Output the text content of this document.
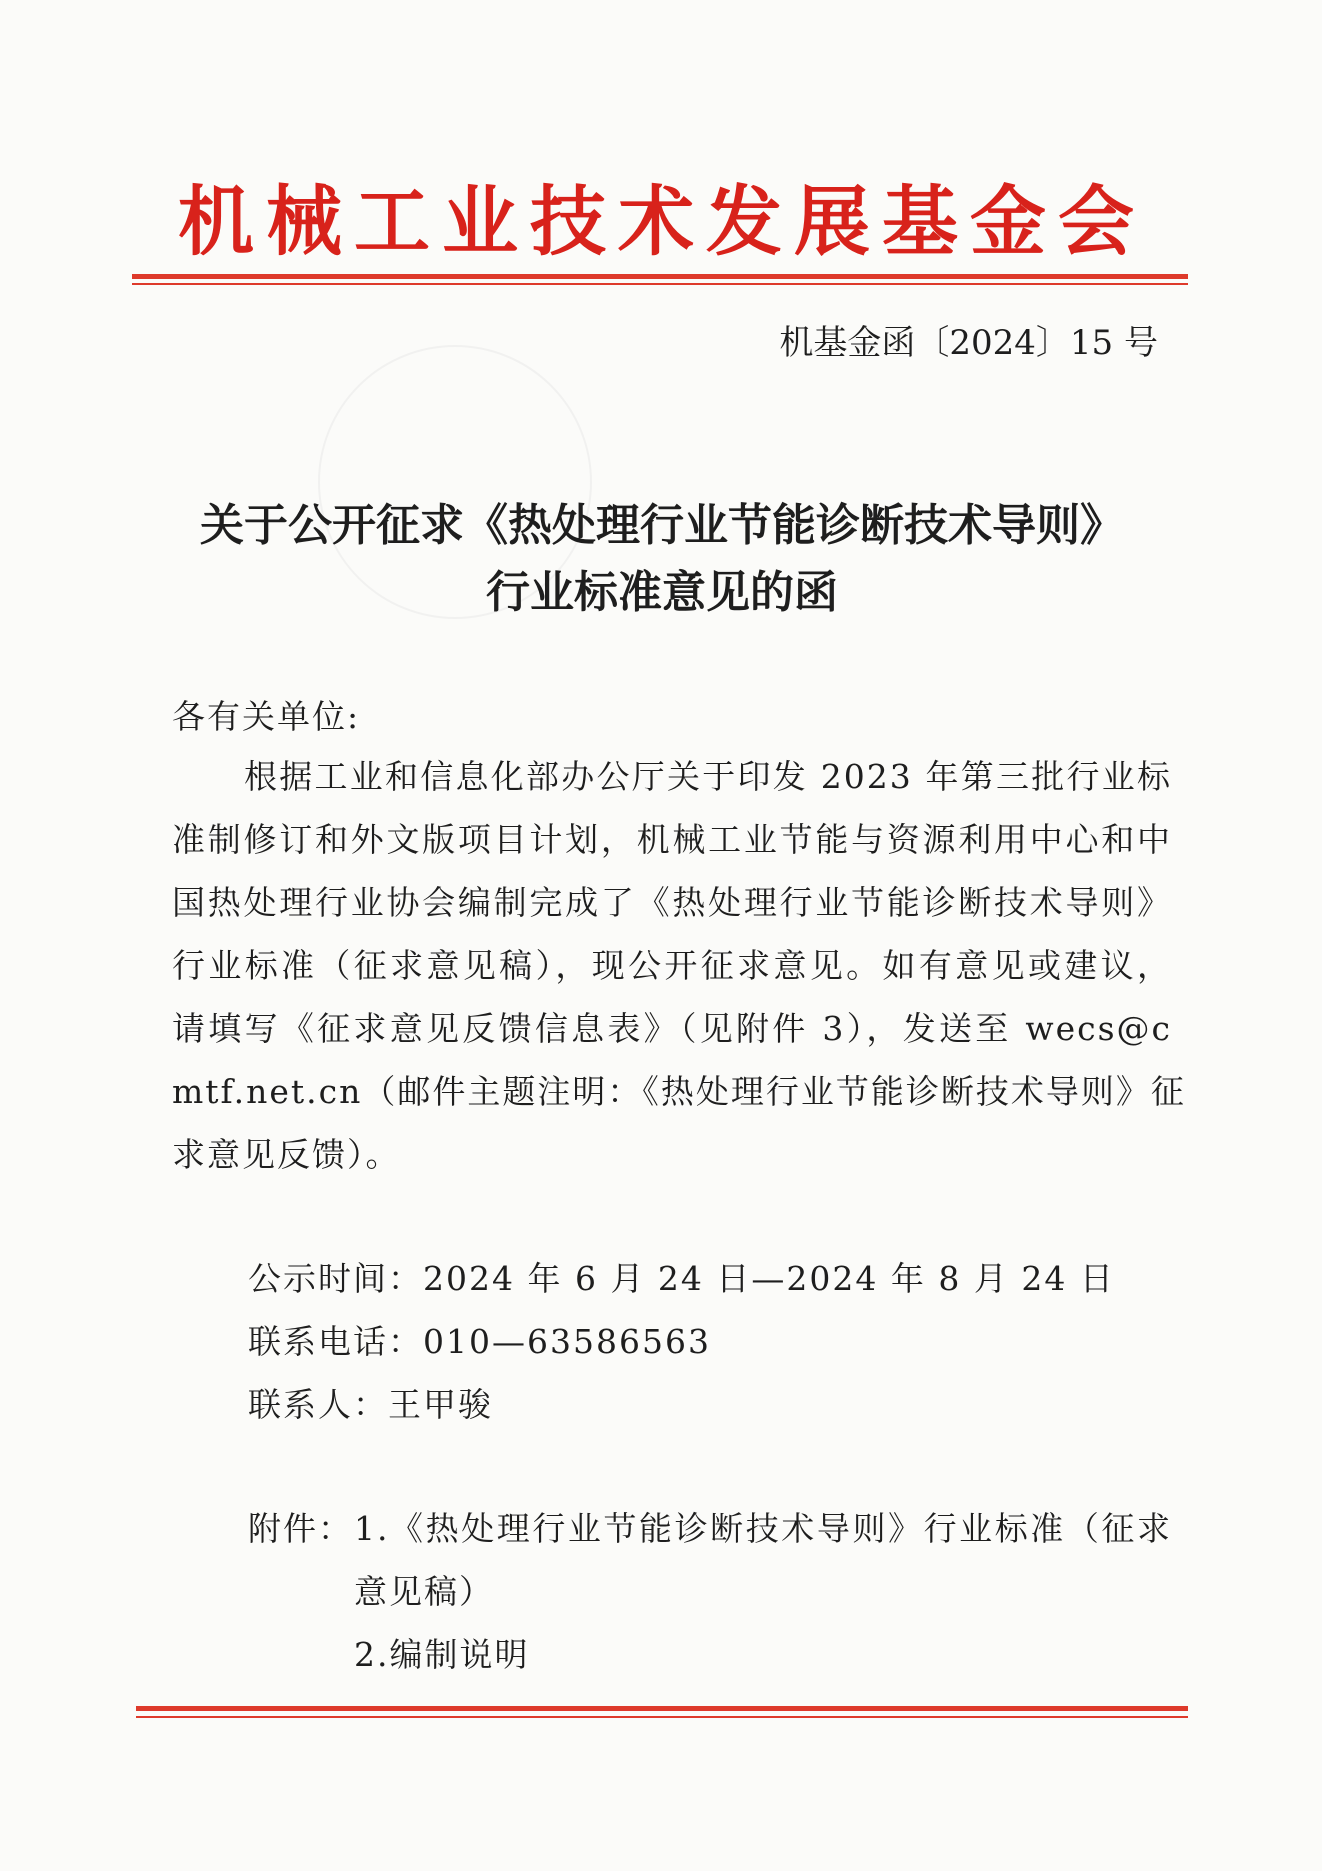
机械工业技术发展基金会
机基金函〔2024〕15 号
关于公开征求《热处理行业节能诊断技术导则》
行业标准意见的函
各有关单位:
根据工业和信息化部办公厅关于印发 2023 年第三批行业标
准制修订和外文版项目计划，机械工业节能与资源利用中心和中
国热处理行业协会编制完成了《热处理行业节能诊断技术导则》
行业标准（征求意见稿），现公开征求意见。如有意见或建议，
请填写《征求意见反馈信息表》（见附件 3），发送至 wecs@c
mtf.net.cn（邮件主题注明：《热处理行业节能诊断技术导则》征
求意见反馈）。
公示时间：2024 年 6 月 24 日—2024 年 8 月 24 日
联系电话：010—63586563
联系人：王甲骏
附件： 1.《热处理行业节能诊断技术导则》行业标准（征求
意见稿）
2.编制说明
